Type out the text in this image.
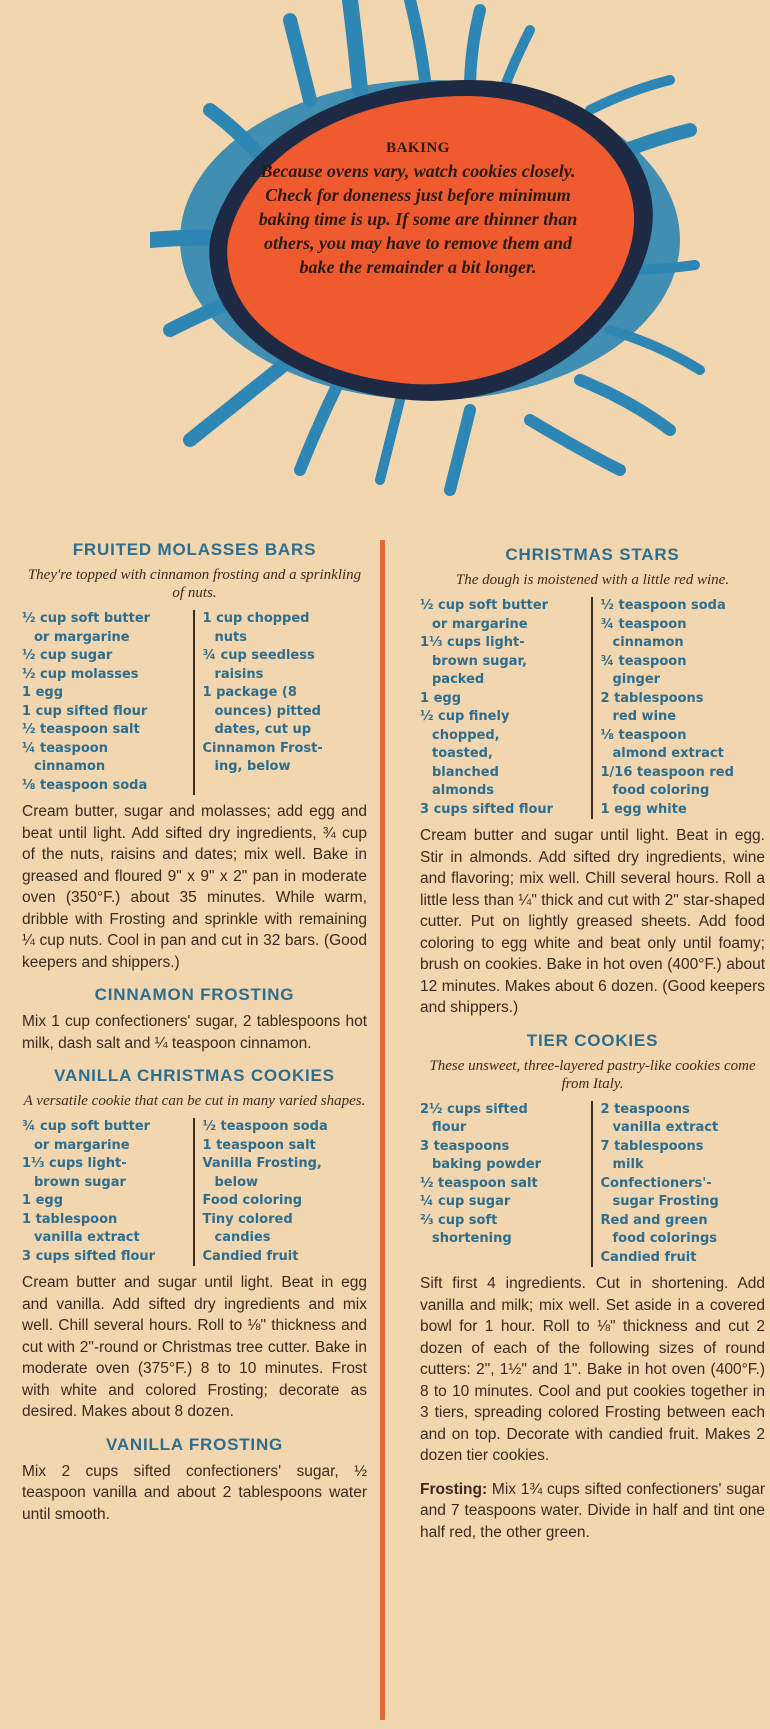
BAKING
Because ovens vary, watch cookies closely. Check for doneness just before minimum baking time is up. If some are thinner than others, you may have to remove them and bake the remainder a bit longer.
FRUITED MOLASSES BARS
They're topped with cinnamon frosting and a sprinkling of nuts.
½ cup soft butter
or margarine
½ cup sugar
½ cup molasses
1 egg
1 cup sifted flour
½ teaspoon salt
¼ teaspoon
cinnamon
⅛ teaspoon soda
1 cup chopped
nuts
¾ cup seedless
raisins
1 package (8
ounces) pitted
dates, cut up
Cinnamon Frost-
ing, below
Cream butter, sugar and molasses; add egg and beat until light. Add sifted dry ingredients, ¾ cup of the nuts, raisins and dates; mix well. Bake in greased and floured 9" x 9" x 2" pan in moderate oven (350°F.) about 35 minutes. While warm, dribble with Frosting and sprinkle with remaining ¼ cup nuts. Cool in pan and cut in 32 bars. (Good keepers and shippers.)
CINNAMON FROSTING
Mix 1 cup confectioners' sugar, 2 tablespoons hot milk, dash salt and ¼ teaspoon cinnamon.
VANILLA CHRISTMAS COOKIES
A versatile cookie that can be cut in many varied shapes.
¾ cup soft butter
or margarine
1⅓ cups light-
brown sugar
1 egg
1 tablespoon
vanilla extract
3 cups sifted flour
½ teaspoon soda
1 teaspoon salt
Vanilla Frosting,
below
Food coloring
Tiny colored
candies
Candied fruit
Cream butter and sugar until light. Beat in egg and vanilla. Add sifted dry ingredients and mix well. Chill several hours. Roll to ⅛" thickness and cut with 2"-round or Christmas tree cutter. Bake in moderate oven (375°F.) 8 to 10 minutes. Frost with white and colored Frosting; decorate as desired. Makes about 8 dozen.
VANILLA FROSTING
Mix 2 cups sifted confectioners' sugar, ½ teaspoon vanilla and about 2 tablespoons water until smooth.
CHRISTMAS STARS
The dough is moistened with a little red wine.
½ cup soft butter
or margarine
1⅓ cups light-
brown sugar,
packed
1 egg
½ cup finely
chopped,
toasted,
blanched
almonds
3 cups sifted flour
½ teaspoon soda
¾ teaspoon
cinnamon
¾ teaspoon
ginger
2 tablespoons
red wine
⅛ teaspoon
almond extract
1/16 teaspoon red
food coloring
1 egg white
Cream butter and sugar until light. Beat in egg. Stir in almonds. Add sifted dry ingredients, wine and flavoring; mix well. Chill several hours. Roll a little less than ¼" thick and cut with 2" star-shaped cutter. Put on lightly greased sheets. Add food coloring to egg white and beat only until foamy; brush on cookies. Bake in hot oven (400°F.) about 12 minutes. Makes about 6 dozen. (Good keepers and shippers.)
TIER COOKIES
These unsweet, three-layered pastry-like cookies come from Italy.
2½ cups sifted
flour
3 teaspoons
baking powder
½ teaspoon salt
¼ cup sugar
⅔ cup soft
shortening
2 teaspoons
vanilla extract
7 tablespoons
milk
Confectioners'-
sugar Frosting
Red and green
food colorings
Candied fruit
Sift first 4 ingredients. Cut in shortening. Add vanilla and milk; mix well. Set aside in a covered bowl for 1 hour. Roll to ⅛" thickness and cut 2 dozen of each of the following sizes of round cutters: 2", 1½" and 1". Bake in hot oven (400°F.) 8 to 10 minutes. Cool and put cookies together in 3 tiers, spreading colored Frosting between each and on top. Decorate with candied fruit. Makes 2 dozen tier cookies.
Frosting: Mix 1¾ cups sifted confectioners' sugar and 7 teaspoons water. Divide in half and tint one half red, the other green.
